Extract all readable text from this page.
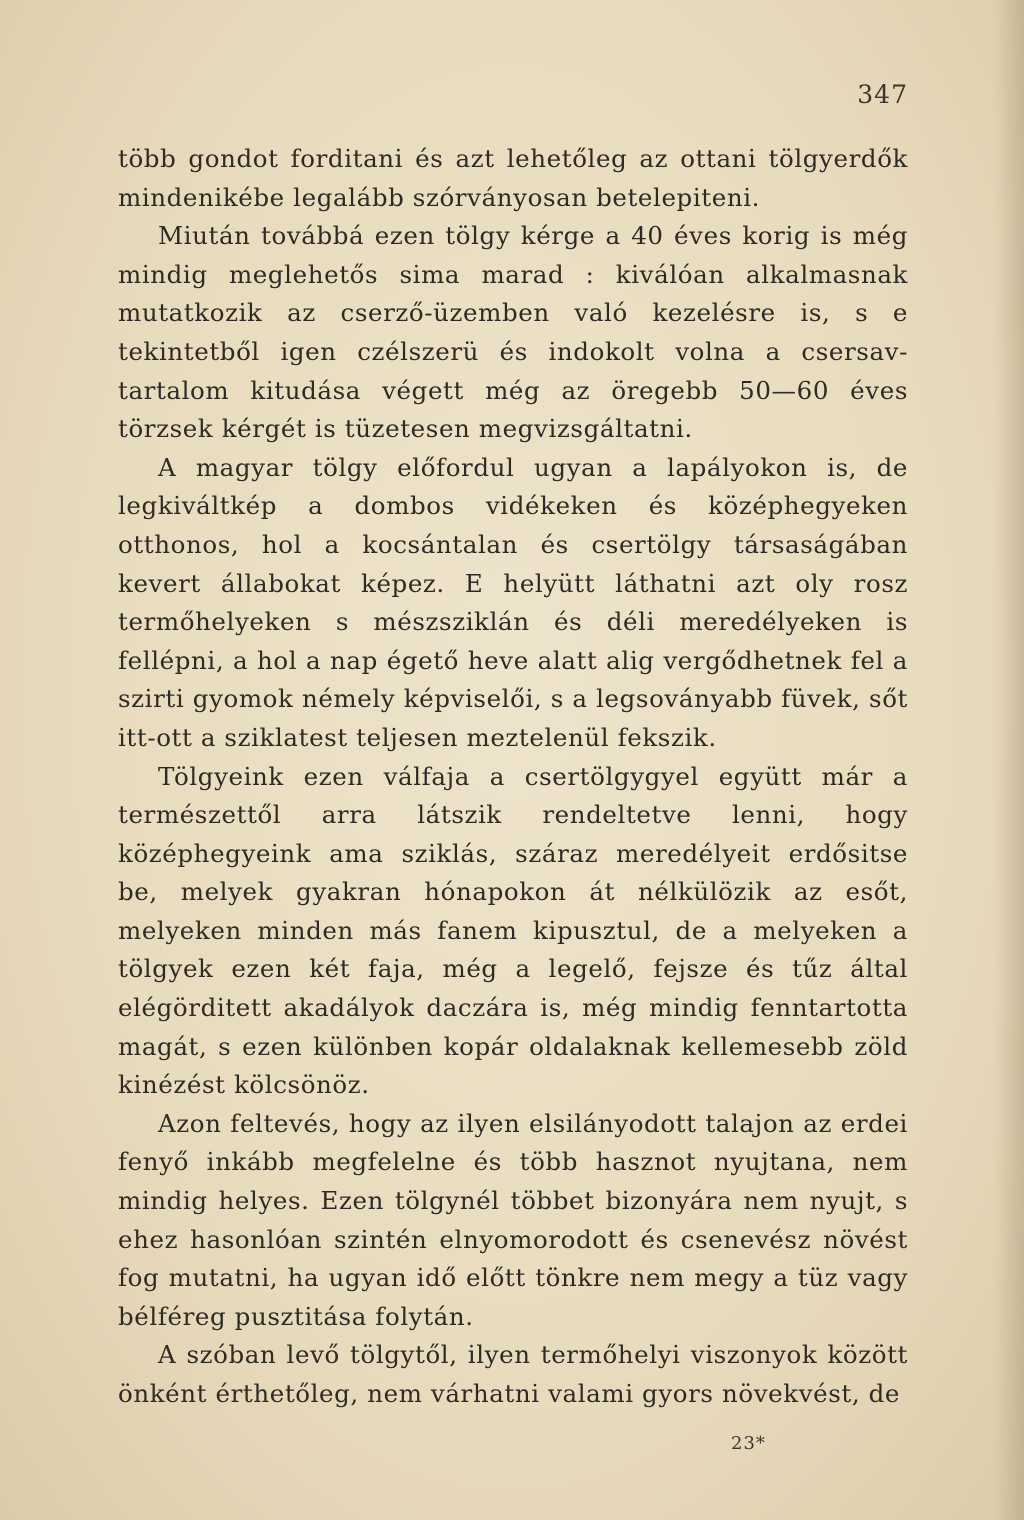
347

több gondot forditani és azt lehetőleg az ottani tölgyerdők mindenikébe legalább szórványosan betelepiteni.

Miután továbbá ezen tölgy kérge a 40 éves korig is még mindig meglehetős sima marad : kiválóan alkalmasnak mutatkozik az cserző-üzemben való kezelésre is, s e tekintetből igen czélszerü és indokolt volna a csersav-tartalom kitudása végett még az öregebb 50—60 éves törzsek kérgét is tüzetesen megvizsgáltatni.

A magyar tölgy előfordul ugyan a lapályokon is, de legkiváltkép a dombos vidékeken és középhegyeken otthonos, hol a kocsántalan és csertölgy társaságában kevert állabokat képez. E helyütt láthatni azt oly rosz termőhelyeken s mészsziklán és déli meredélyeken is fellépni, a hol a nap égető heve alatt alig vergődhetnek fel a szirti gyomok némely képviselői, s a legsoványabb füvek, sőt itt-ott a sziklatest teljesen meztelenül fekszik.

Tölgyeink ezen válfaja a csertölgygyel együtt már a természettől arra látszik rendeltetve lenni, hogy középhegyeink ama sziklás, száraz meredélyeit erdősitse be, melyek gyakran hónapokon át nélkülözik az esőt, melyeken minden más fanem kipusztul, de a melyeken a tölgyek ezen két faja, még a legelő, fejsze és tűz által elégörditett akadályok daczára is, még mindig fenntartotta magát, s ezen különben kopár oldalaknak kellemesebb zöld kinézést kölcsönöz.

Azon feltevés, hogy az ilyen elsilányodott talajon az erdei fenyő inkább megfelelne és több hasznot nyujtana, nem mindig helyes. Ezen tölgynél többet bizonyára nem nyujt, s ehez hasonlóan szintén elnyomorodott és csenevész növést fog mutatni, ha ugyan idő előtt tönkre nem megy a tüz vagy bélféreg pusztitása folytán.

A szóban levő tölgytől, ilyen termőhelyi viszonyok között önként érthetőleg, nem várhatni valami gyors növekvést, de

23*
